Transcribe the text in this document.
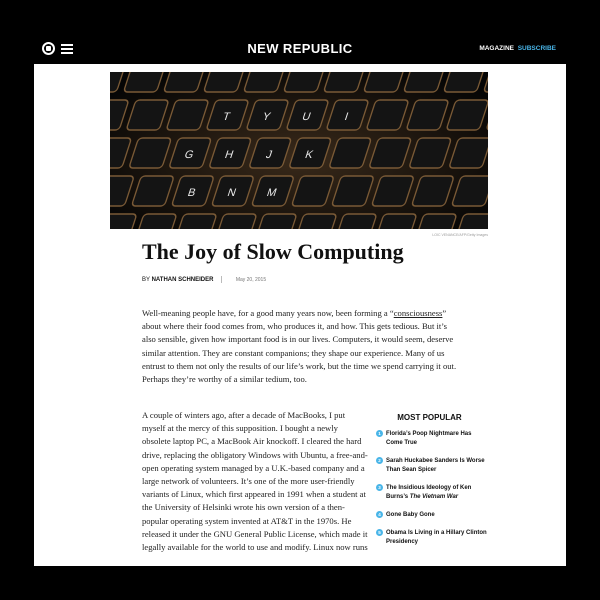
NEW REPUBLIC	MAGAZINE SUBSCRIBE
T	Y	U	I
G	H	J	K
B	N	M
LOIC VENANCE/AFP/Getty Images
The Joy of Slow Computing
BY NATHAN SCHNEIDER	May 20, 2015

Well-meaning people have, for a good many years now, been forming a “consciousness” about where their food comes from, who produces it, and how. This gets tedious. But it’s also sensible, given how important food is in our lives. Computers, it would seem, deserve similar attention. They are constant companions; they shape our experience. Many of us entrust to them not only the results of our life’s work, but the time we spend carrying it out. Perhaps they’re worthy of a similar tedium, too.

A couple of winters ago, after a decade of MacBooks, I put myself at the mercy of this supposition. I bought a newly obsolete laptop PC, a MacBook Air knockoff. I cleared the hard drive, replacing the obligatory Windows with Ubuntu, a free-and-open operating system managed by a U.K.-based company and a large network of volunteers. It’s one of the more user-friendly variants of Linux, which first appeared in 1991 when a student at the University of Helsinki wrote his own version of a then-popular operating system invented at AT&T in the 1970s. He released it under the GNU General Public License, which made it legally available for the world to use and modify. Linux now runs

MOST POPULAR
1 Florida’s Poop Nightmare Has Come True
2 Sarah Huckabee Sanders Is Worse Than Sean Spicer
3 The Insidious Ideology of Ken Burns’s The Vietnam War
4 Gone Baby Gone
5 Obama Is Living in a Hillary Clinton Presidency
